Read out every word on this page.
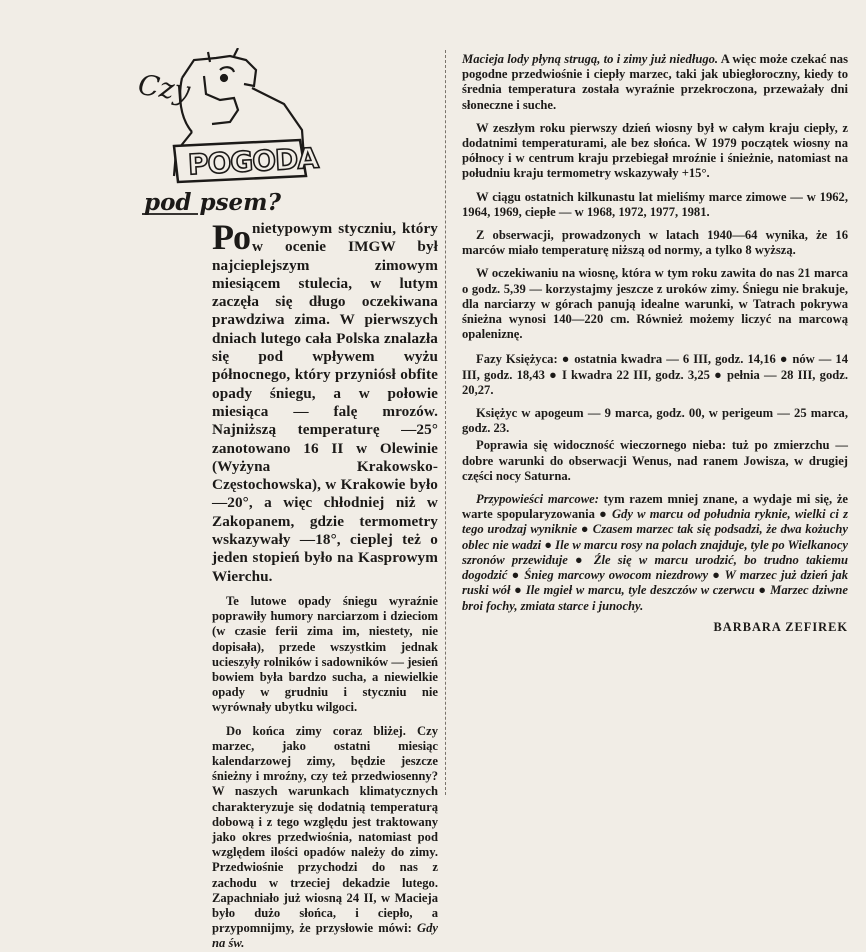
Czy
POGODA
pod psem?

Po nietypowym styczniu, który w ocenie IMGW był najcieplejszym zimowym miesiącem stulecia, w lutym zaczęła się długo oczekiwana prawdziwa zima. W pierwszych dniach lutego cała Polska znalazła się pod wpływem wyżu północnego, który przyniósł obfite opady śniegu, a w połowie miesiąca — falę mrozów. Najniższą temperaturę —25° zanotowano 16 II w Olewinie (Wyżyna Krakowsko-Częstochowska), w Krakowie było —20°, a więc chłodniej niż w Zakopanem, gdzie termometry wskazywały —18°, cieplej też o jeden stopień było na Kasprowym Wierchu.

Te lutowe opady śniegu wyraźnie poprawiły humory narciarzom i dzieciom (w czasie ferii zima im, niestety, nie dopisała), przede wszystkim jednak ucieszyły rolników i sadowników — jesień bowiem była bardzo sucha, a niewielkie opady w grudniu i styczniu nie wyrównały ubytku wilgoci.

Do końca zimy coraz bliżej. Czy marzec, jako ostatni miesiąc kalendarzowej zimy, będzie jeszcze śnieżny i mroźny, czy też przedwiosenny? W naszych warunkach klimatycznych charakteryzuje się dodatnią temperaturą dobową i z tego względu jest traktowany jako okres przedwiośnia, natomiast pod względem ilości opadów należy do zimy. Przedwiośnie przychodzi do nas z zachodu w trzeciej dekadzie lutego. Zapachniało już wiosną 24 II, w Macieja było dużo słońca, i ciepło, a przypomnijmy, że przysłowie mówi: Gdy na św.

Macieja lody płyną strugą, to i zimy już niedługo. A więc może czekać nas pogodne przedwiośnie i ciepły marzec, taki jak ubiegłoroczny, kiedy to średnia temperatura została wyraźnie przekroczona, przeważały dni słoneczne i suche.

W zeszłym roku pierwszy dzień wiosny był w całym kraju ciepły, z dodatnimi temperaturami, ale bez słońca. W 1979 początek wiosny na północy i w centrum kraju przebiegał mroźnie i śnieżnie, natomiast na południu kraju termometry wskazywały +15°.

W ciągu ostatnich kilkunastu lat mieliśmy marce zimowe — w 1962, 1964, 1969, ciepłe — w 1968, 1972, 1977, 1981.

Z obserwacji, prowadzonych w latach 1940—64 wynika, że 16 marców miało temperaturę niższą od normy, a tylko 8 wyższą.

W oczekiwaniu na wiosnę, która w tym roku zawita do nas 21 marca o godz. 5,39 — korzystajmy jeszcze z uroków zimy. Śniegu nie brakuje, dla narciarzy w górach panują idealne warunki, w Tatrach pokrywa śnieżna wynosi 140—220 cm. Również możemy liczyć na marcową opaleniznę.

Fazy Księżyca: ● ostatnia kwadra — 6 III, godz. 14,16 ● nów — 14 III, godz. 18,43 ● I kwadra 22 III, godz. 3,25 ● pełnia — 28 III, godz. 20,27.

Księżyc w apogeum — 9 marca, godz. 00, w perigeum — 25 marca, godz. 23.

Poprawia się widoczność wieczornego nieba: tuż po zmierzchu — dobre warunki do obserwacji Wenus, nad ranem Jowisza, w drugiej części nocy Saturna.

Przypowieści marcowe: tym razem mniej znane, a wydaje mi się, że warte spopularyzowania ● Gdy w marcu od południa ryknie, wielki ci z tego urodzaj wyniknie ● Czasem marzec tak się podsadzi, że dwa kożuchy oblec nie wadzi ● Ile w marcu rosy na polach znajduje, tyle po Wielkanocy szronów przewiduje ● Źle się w marcu urodzić, bo trudno takiemu dogodzić ● Śnieg marcowy owocom niezdrowy ● W marzec już dzień jak ruski wół ● Ile mgieł w marcu, tyle deszczów w czerwcu ● Marzec dziwne broi fochy, zmiata starce i junochy.

BARBARA ZEFIREK
